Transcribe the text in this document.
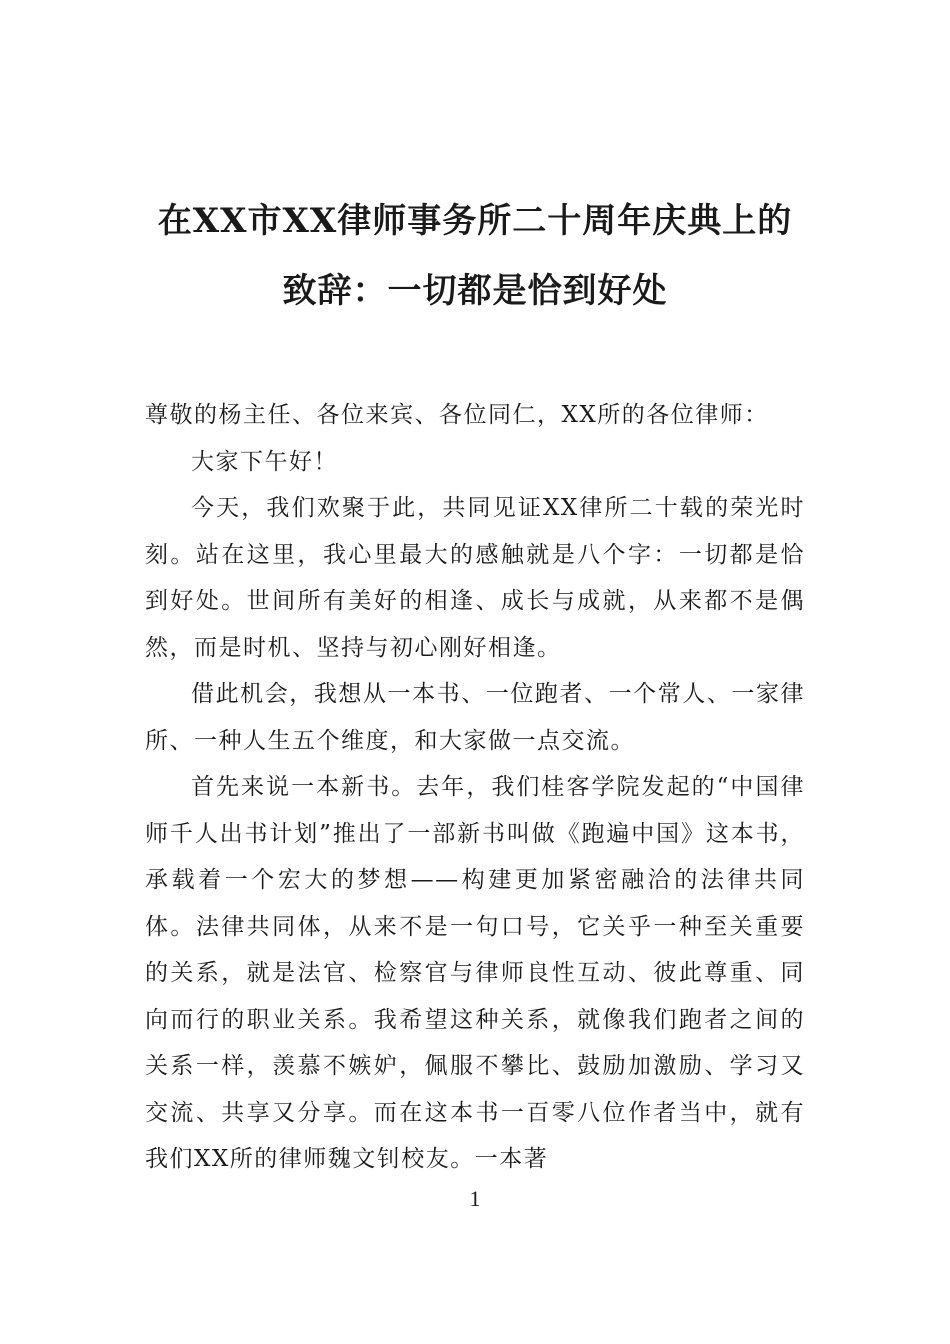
在XX市XX律师事务所二十周年庆典上的
致辞：一切都是恰到好处

尊敬的杨主任、各位来宾、各位同仁，XX所的各位律师：

大家下午好！

今天，我们欢聚于此，共同见证XX律所二十载的荣光时刻。站在这里，我心里最大的感触就是八个字：一切都是恰到好处。世间所有美好的相逢、成长与成就，从来都不是偶然，而是时机、坚持与初心刚好相逢。

借此机会，我想从一本书、一位跑者、一个常人、一家律所、一种人生五个维度，和大家做一点交流。

首先来说一本新书。去年，我们桂客学院发起的“中国律师千人出书计划”推出了一部新书叫做《跑遍中国》这本书，承载着一个宏大的梦想——构建更加紧密融洽的法律共同体。法律共同体，从来不是一句口号，它关乎一种至关重要的关系，就是法官、检察官与律师良性互动、彼此尊重、同向而行的职业关系。我希望这种关系，就像我们跑者之间的关系一样，羡慕不嫉妒，佩服不攀比、鼓励加激励、学习又交流、共享又分享。而在这本书一百零八位作者当中，就有我们XX所的律师魏文钊校友。一本著

1
